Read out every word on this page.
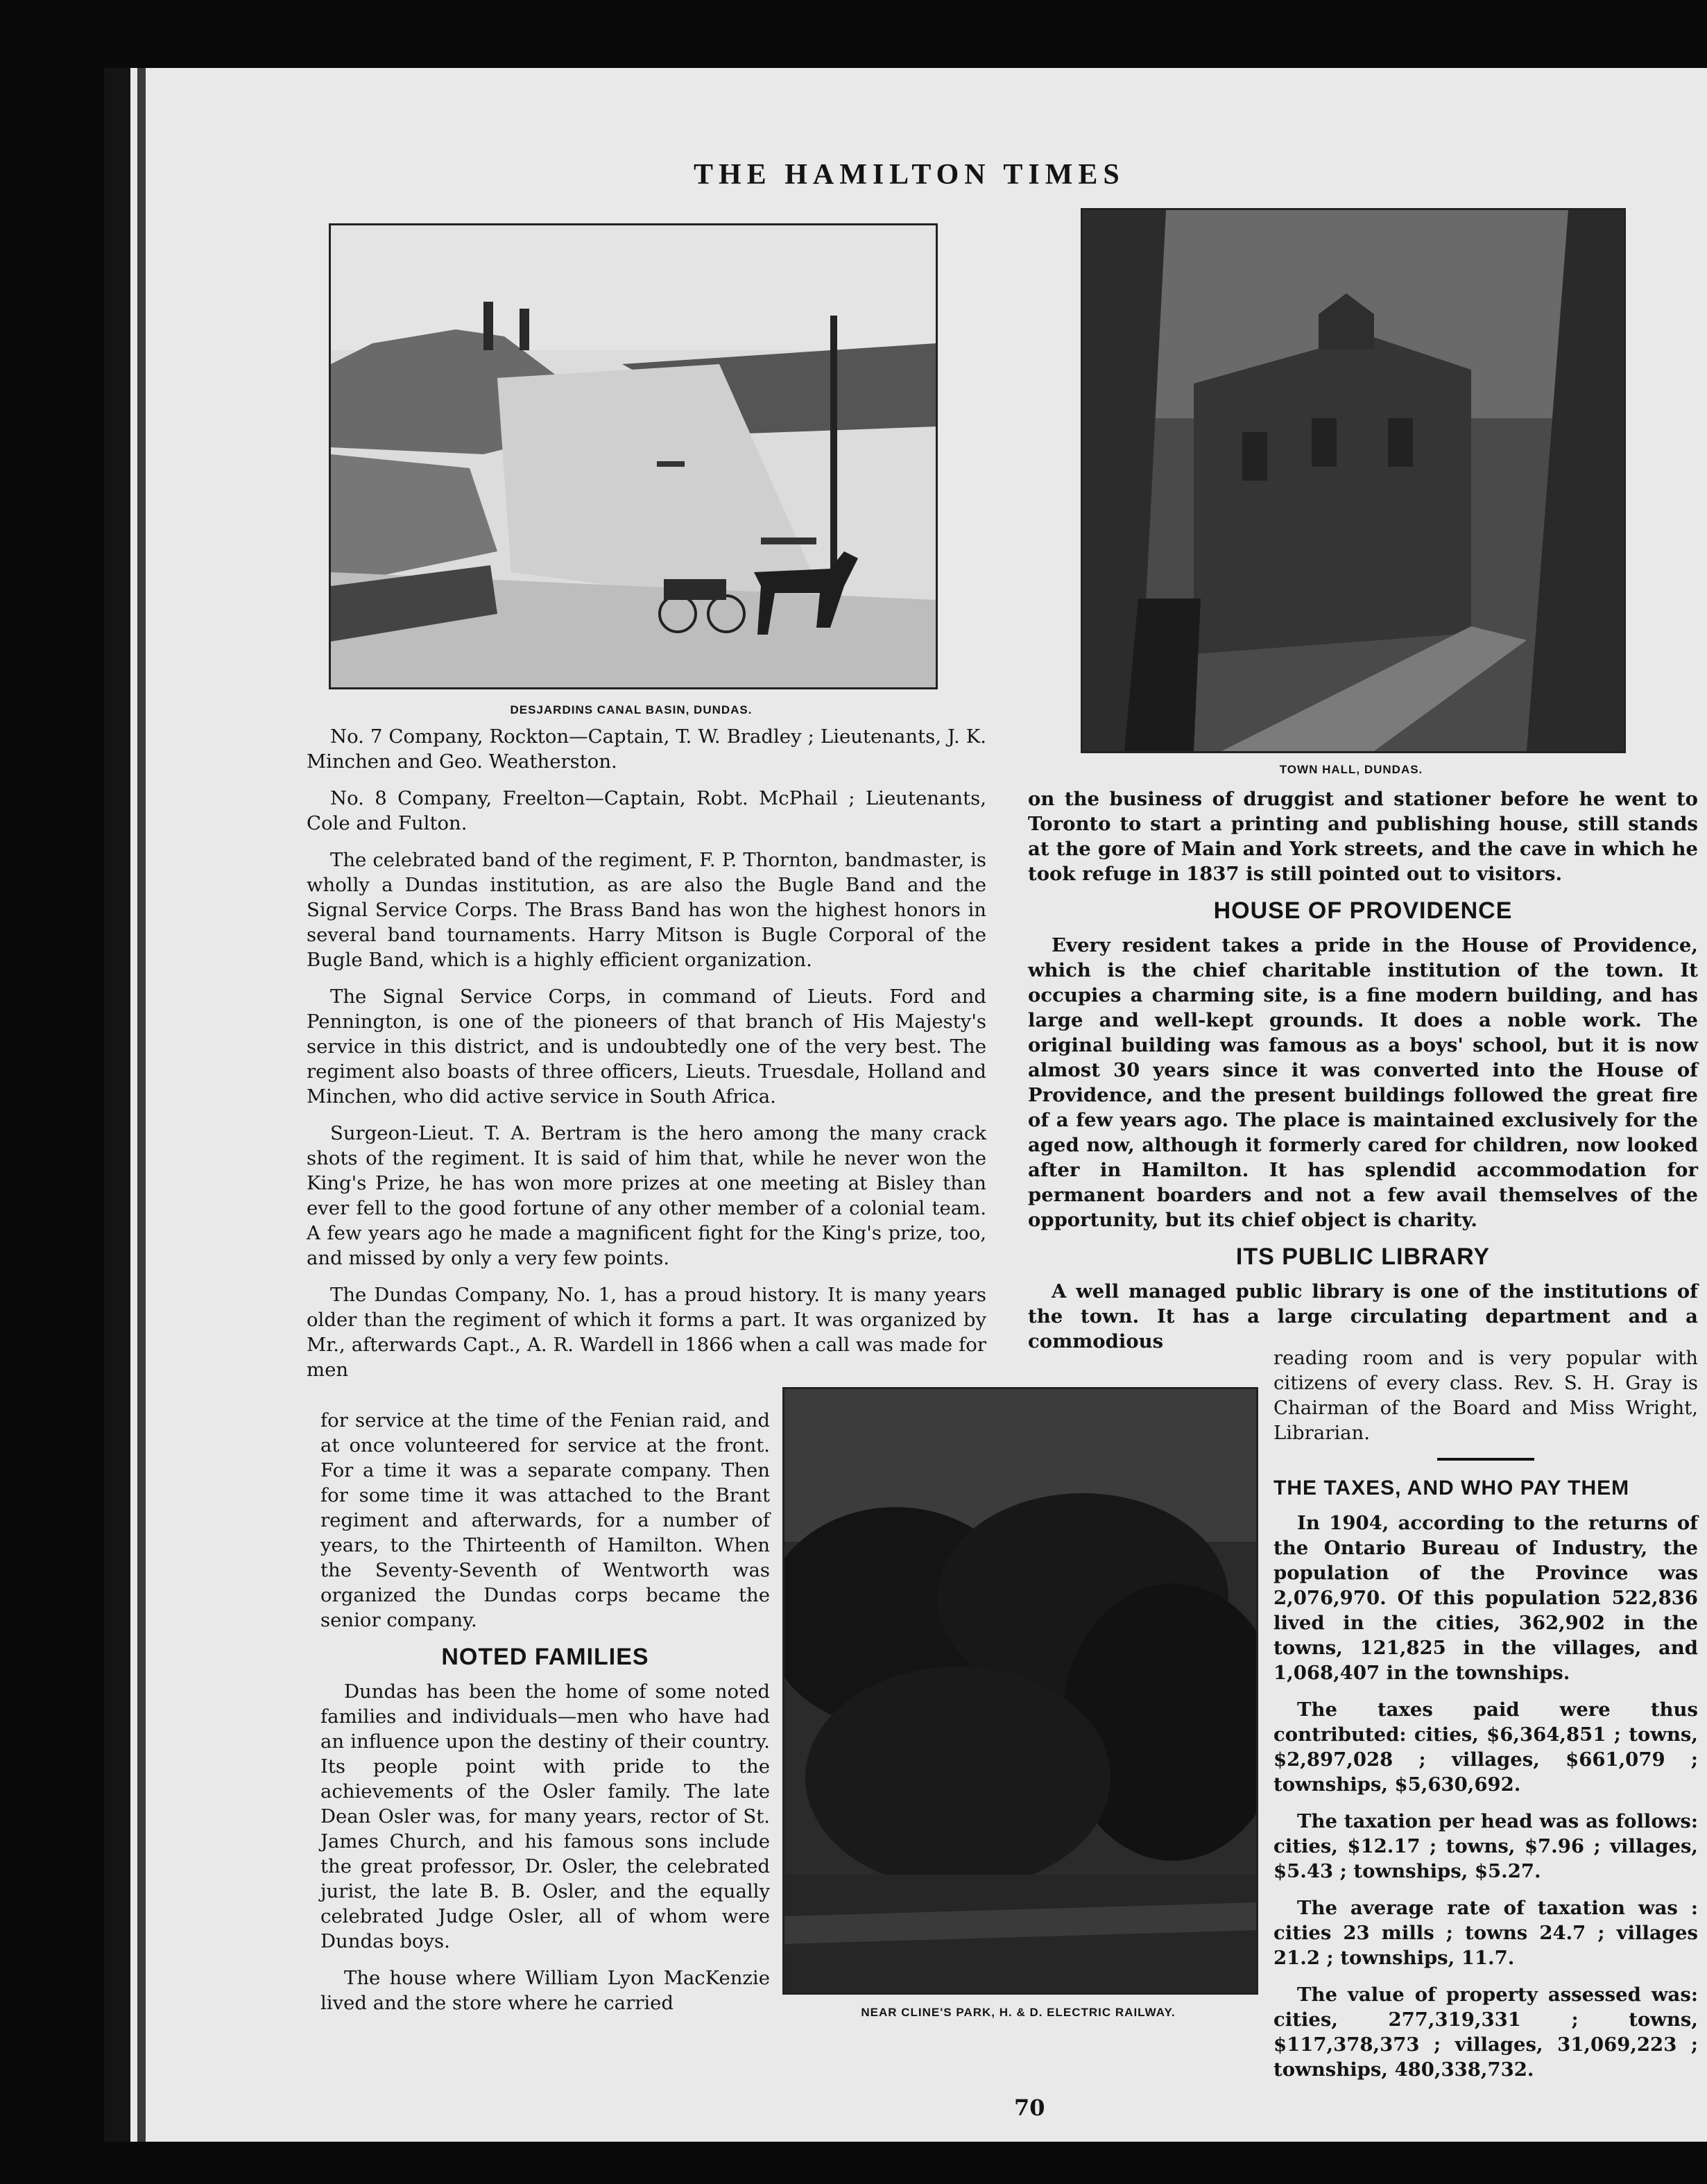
THE HAMILTON TIMES
DESJARDINS CANAL BASIN, DUNDAS.
TOWN HALL, DUNDAS.
NEAR CLINE'S PARK, H. & D. ELECTRIC RAILWAY.

No. 7 Company, Rockton—Captain, T. W. Bradley ; Lieutenants, J. K. Minchen and Geo. Weatherston.

No. 8 Company, Freelton—Captain, Robt. McPhail ; Lieutenants, Cole and Fulton.

The celebrated band of the regiment, F. P. Thornton, bandmaster, is wholly a Dundas institution, as are also the Bugle Band and the Signal Service Corps. The Brass Band has won the highest honors in several band tournaments. Harry Mitson is Bugle Corporal of the Bugle Band, which is a highly efficient organization.

The Signal Service Corps, in command of Lieuts. Ford and Pennington, is one of the pioneers of that branch of His Majesty's service in this district, and is undoubtedly one of the very best. The regiment also boasts of three officers, Lieuts. Truesdale, Holland and Minchen, who did active service in South Africa.

Surgeon-Lieut. T. A. Bertram is the hero among the many crack shots of the regiment. It is said of him that, while he never won the King's Prize, he has won more prizes at one meeting at Bisley than ever fell to the good fortune of any other member of a colonial team. A few years ago he made a magnificent fight for the King's prize, too, and missed by only a very few points.

The Dundas Company, No. 1, has a proud history. It is many years older than the regiment of which it forms a part. It was organized by Mr., afterwards Capt., A. R. Wardell in 1866 when a call was made for men

for service at the time of the Fenian raid, and at once volunteered for service at the front. For a time it was a separate company. Then for some time it was attached to the Brant regiment and afterwards, for a number of years, to the Thirteenth of Hamilton. When the Seventy-Seventh of Wentworth was organized the Dundas corps became the senior company.

NOTED FAMILIES

Dundas has been the home of some noted families and individuals—men who have had an influence upon the destiny of their country. Its people point with pride to the achievements of the Osler family. The late Dean Osler was, for many years, rector of St. James Church, and his famous sons include the great professor, Dr. Osler, the celebrated jurist, the late B. B. Osler, and the equally celebrated Judge Osler, all of whom were Dundas boys.

The house where William Lyon MacKenzie lived and the store where he carried

on the business of druggist and stationer before he went to Toronto to start a printing and publishing house, still stands at the gore of Main and York streets, and the cave in which he took refuge in 1837 is still pointed out to visitors.

HOUSE OF PROVIDENCE

Every resident takes a pride in the House of Providence, which is the chief charitable institution of the town. It occupies a charming site, is a fine modern building, and has large and well-kept grounds. It does a noble work. The original building was famous as a boys' school, but it is now almost 30 years since it was converted into the House of Providence, and the present buildings followed the great fire of a few years ago. The place is maintained exclusively for the aged now, although it formerly cared for children, now looked after in Hamilton. It has splendid accommodation for permanent boarders and not a few avail themselves of the opportunity, but its chief object is charity.

ITS PUBLIC LIBRARY

A well managed public library is one of the institutions of the town. It has a large circulating department and a commodious

reading room and is very popular with citizens of every class. Rev. S. H. Gray is Chairman of the Board and Miss Wright, Librarian.

THE TAXES, AND WHO PAY THEM

In 1904, according to the returns of the Ontario Bureau of Industry, the population of the Province was 2,076,970. Of this population 522,836 lived in the cities, 362,902 in the towns, 121,825 in the villages, and 1,068,407 in the townships.

The taxes paid were thus contributed: cities, $6,364,851 ; towns, $2,897,028 ; villages, $661,079 ; townships, $5,630,692.

The taxation per head was as follows: cities, $12.17 ; towns, $7.96 ; villages, $5.43 ; townships, $5.27.

The average rate of taxation was : cities 23 mills ; towns 24.7 ; villages 21.2 ; townships, 11.7.

The value of property assessed was: cities, 277,319,331 ; towns, $117,378,373 ; villages, 31,069,223 ; townships, 480,338,732.

70
